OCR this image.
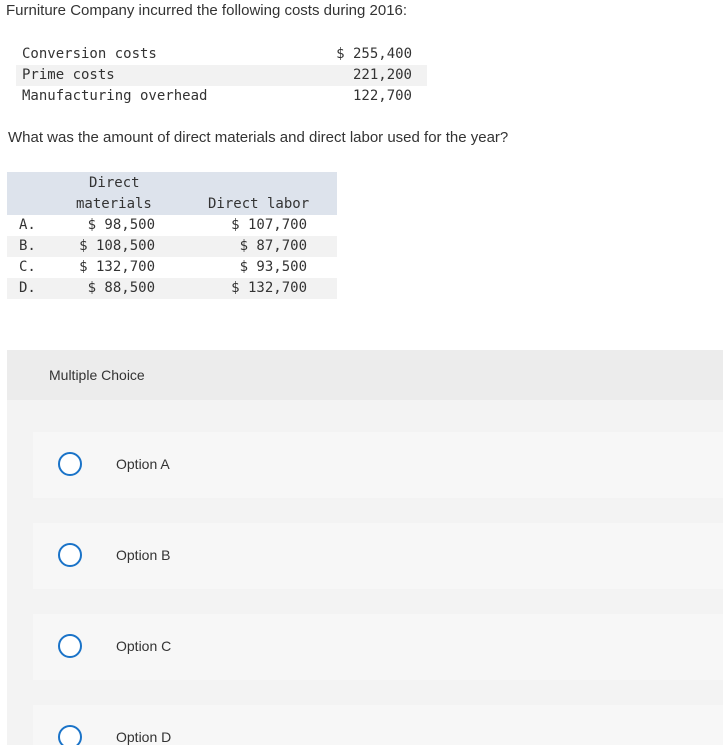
Furniture Company incurred the following costs during 2016:
Conversion costs	$ 255,400
Prime costs	221,200
Manufacturing overhead	122,700
What was the amount of direct materials and direct labor used for the year?
Direct
materials	Direct labor
A.	$ 98,500	$ 107,700
B.	$ 108,500	$ 87,700
C.	$ 132,700	$ 93,500
D.	$ 88,500	$ 132,700
Multiple Choice
Option A
Option B
Option C
Option D
